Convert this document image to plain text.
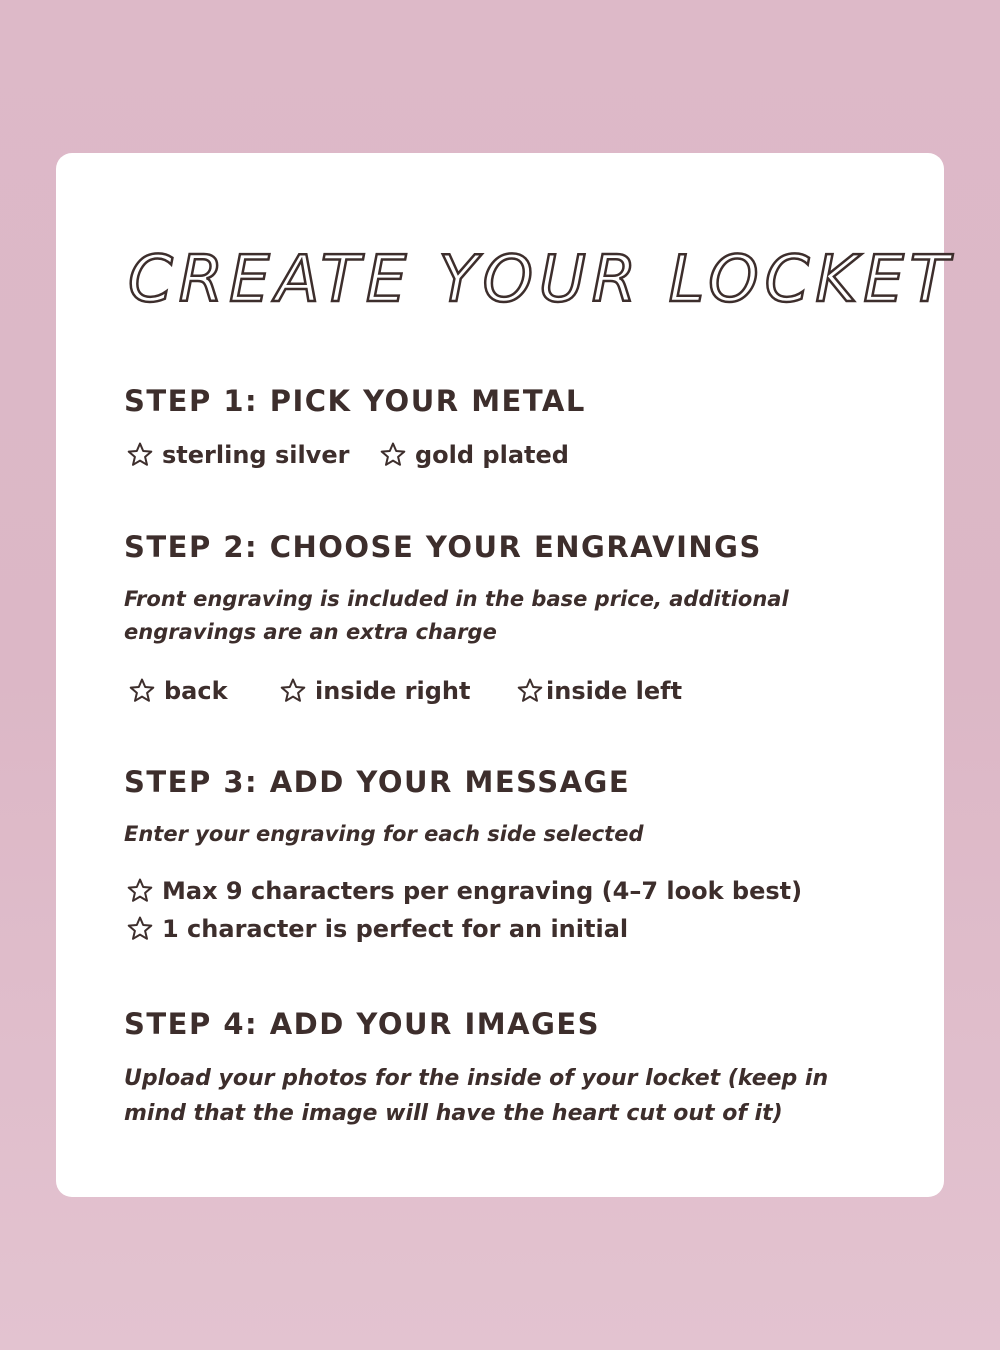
CREATE YOUR LOCKET
STEP 1: PICK YOUR METAL
sterling silver	gold plated
STEP 2: CHOOSE YOUR ENGRAVINGS

Front engraving is included in the base price, additional engravings are an extra charge

back	inside right	inside left
STEP 3: ADD YOUR MESSAGE

Enter your engraving for each side selected

Max 9 characters per engraving (4–7 look best)
1 character is perfect for an initial
STEP 4: ADD YOUR IMAGES

Upload your photos for the inside of your locket (keep in mind that the image will have the heart cut out of it)
